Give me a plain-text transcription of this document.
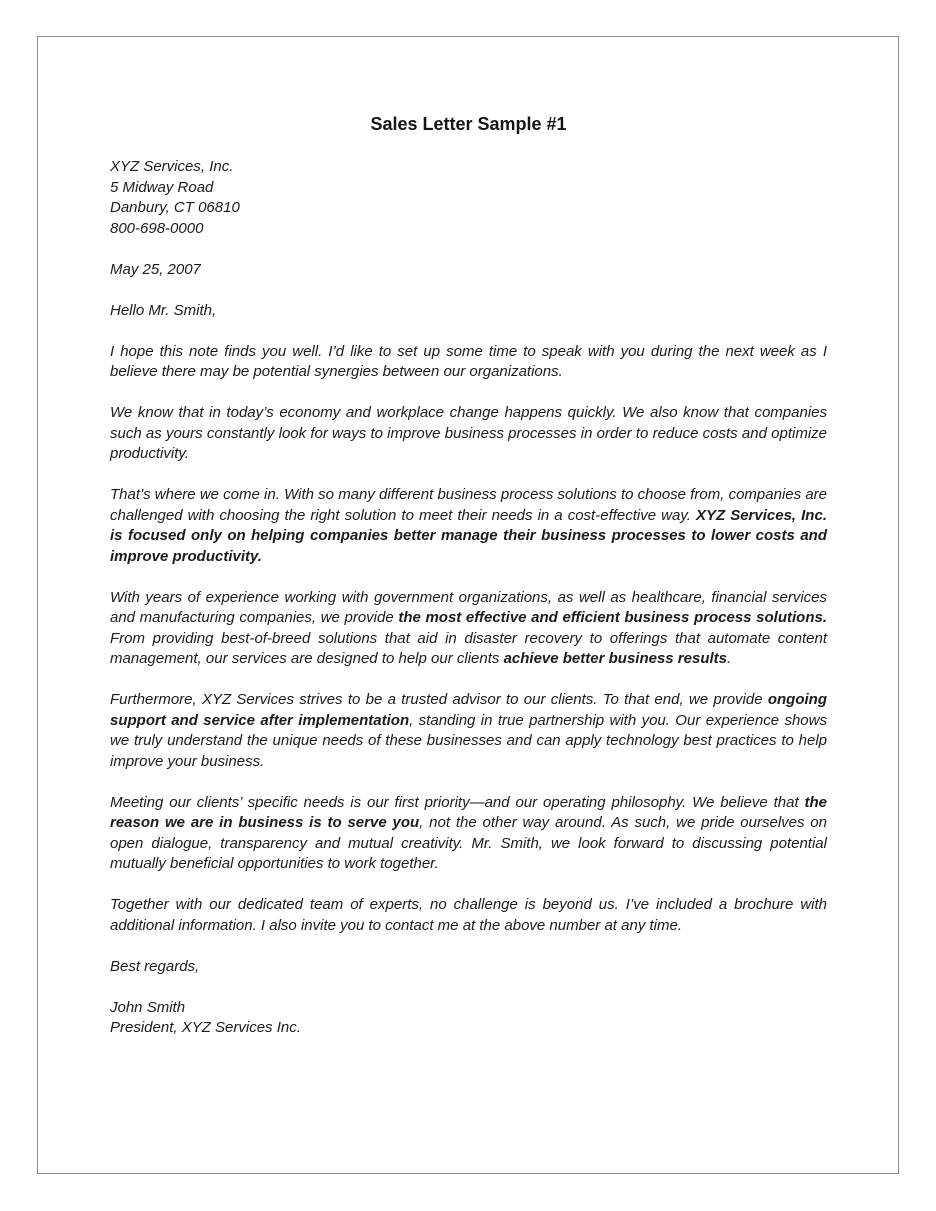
Sales Letter Sample #1
XYZ Services, Inc.
5 Midway Road
Danbury, CT 06810
800-698-0000

May 25, 2007

Hello Mr. Smith,

I hope this note finds you well. I’d like to set up some time to speak with you during the next week as I believe there may be potential synergies between our organizations.

We know that in today’s economy and workplace change happens quickly. We also know that companies such as yours constantly look for ways to improve business processes in order to reduce costs and optimize productivity.

That’s where we come in. With so many different business process solutions to choose from, companies are challenged with choosing the right solution to meet their needs in a cost-effective way. XYZ Services, Inc. is focused only on helping companies better manage their business processes to lower costs and improve productivity.

With years of experience working with government organizations, as well as healthcare, financial services and manufacturing companies, we provide the most effective and efficient business process solutions. From providing best-of-breed solutions that aid in disaster recovery to offerings that automate content management, our services are designed to help our clients achieve better business results.

Furthermore, XYZ Services strives to be a trusted advisor to our clients. To that end, we provide ongoing support and service after implementation, standing in true partnership with you. Our experience shows we truly understand the unique needs of these businesses and can apply technology best practices to help improve your business.

Meeting our clients’ specific needs is our first priority—and our operating philosophy. We believe that the reason we are in business is to serve you, not the other way around. As such, we pride ourselves on open dialogue, transparency and mutual creativity. Mr. Smith, we look forward to discussing potential mutually beneficial opportunities to work together.

Together with our dedicated team of experts, no challenge is beyond us. I’ve included a brochure with additional information. I also invite you to contact me at the above number at any time.

Best regards,

John Smith
President, XYZ Services Inc.
